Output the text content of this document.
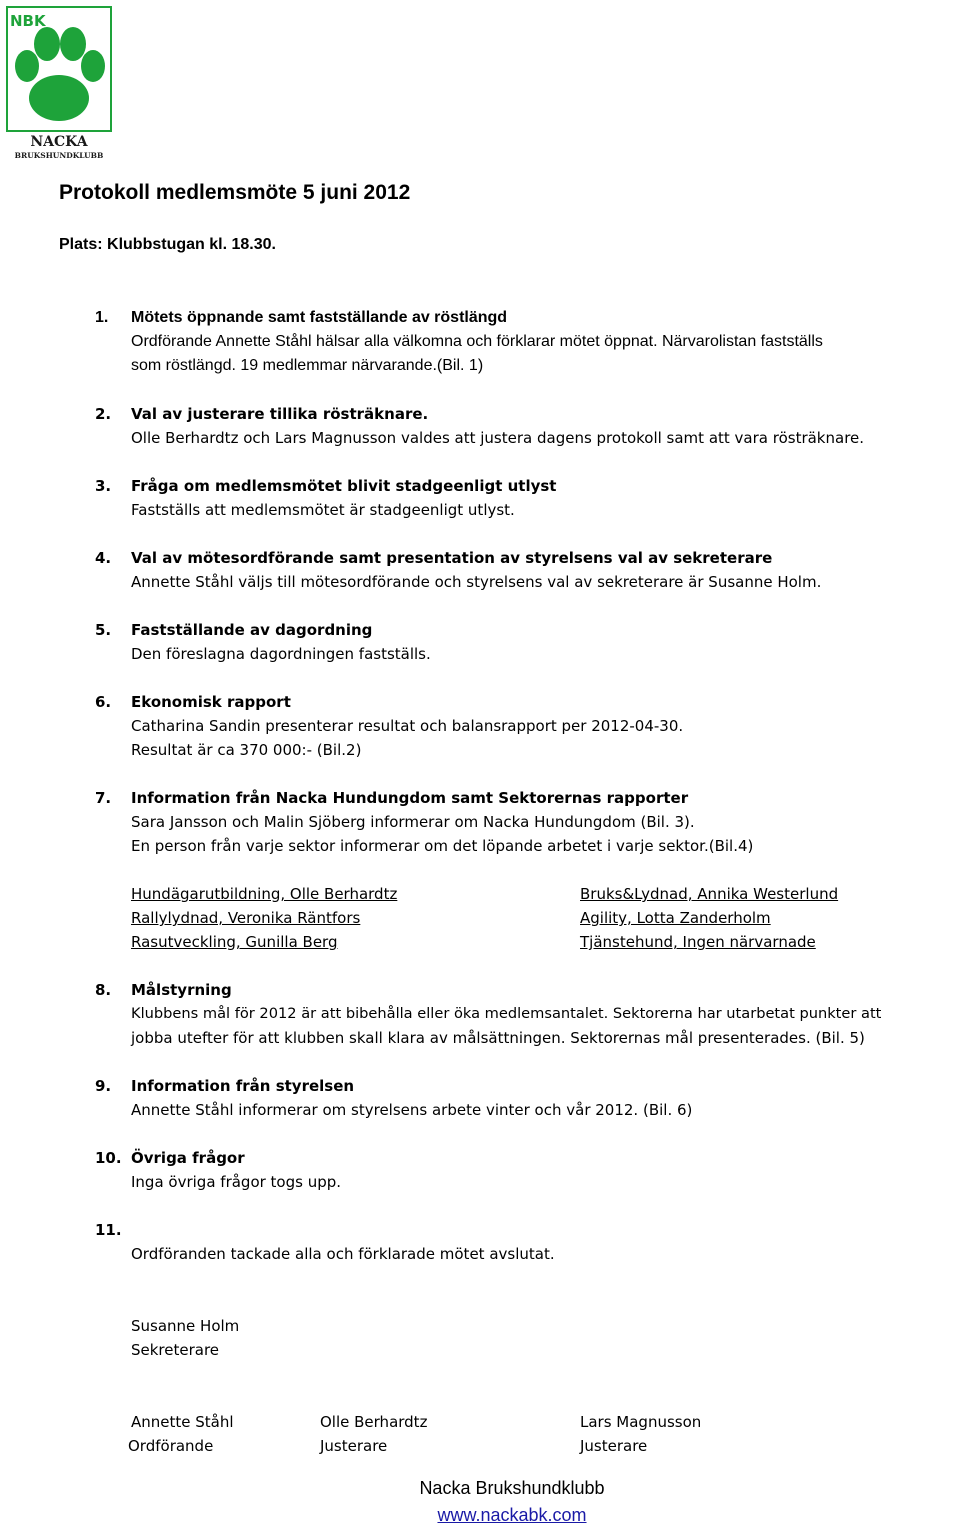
NBK
NACKA
BRUKSHUNDKLUBB
Protokoll medlemsmöte 5 juni 2012
Plats: Klubbstugan kl. 18.30.
1. Mötets öppnande samt fastställande av röstlängd
Ordförande Annette Ståhl hälsar alla välkomna och förklarar mötet öppnat. Närvarolistan fastställs
som röstlängd. 19 medlemmar närvarande.(Bil. 1)
2. Val av justerare tillika rösträknare.
Olle Berhardtz och Lars Magnusson valdes att justera dagens protokoll samt att vara rösträknare.
3. Fråga om medlemsmötet blivit stadgeenligt utlyst
Fastställs att medlemsmötet är stadgeenligt utlyst.
4. Val av mötesordförande samt presentation av styrelsens val av sekreterare
Annette Ståhl väljs till mötesordförande och styrelsens val av sekreterare är Susanne Holm.
5. Fastställande av dagordning
Den föreslagna dagordningen fastställs.
6. Ekonomisk rapport
Catharina Sandin presenterar resultat och balansrapport per 2012-04-30.
Resultat är ca 370 000:- (Bil.2)
7. Information från Nacka Hundungdom samt Sektorernas rapporter
Sara Jansson och Malin Sjöberg informerar om Nacka Hundungdom (Bil. 3).
En person från varje sektor informerar om det löpande arbetet i varje sektor.(Bil.4)
Hundägarutbildning, Olle Berhardtz
Rallylydnad, Veronika Räntfors
Rasutveckling, Gunilla Berg
Bruks&Lydnad, Annika Westerlund
Agility, Lotta Zanderholm
Tjänstehund, Ingen närvarnade
8. Målstyrning
Klubbens mål för 2012 är att bibehålla eller öka medlemsantalet. Sektorerna har utarbetat punkter att
jobba utefter för att klubben skall klara av målsättningen. Sektorernas mål presenterades. (Bil. 5)
9. Information från styrelsen
Annette Ståhl informerar om styrelsens arbete vinter och vår 2012. (Bil. 6)
10. Övriga frågor
Inga övriga frågor togs upp.
11.
Ordföranden tackade alla och förklarade mötet avslutat.
Susanne Holm
Sekreterare
Annette Ståhl
Ordförande
Olle Berhardtz
Justerare
Lars Magnusson
Justerare
Nacka Brukshundklubb
www.nackabk.com
